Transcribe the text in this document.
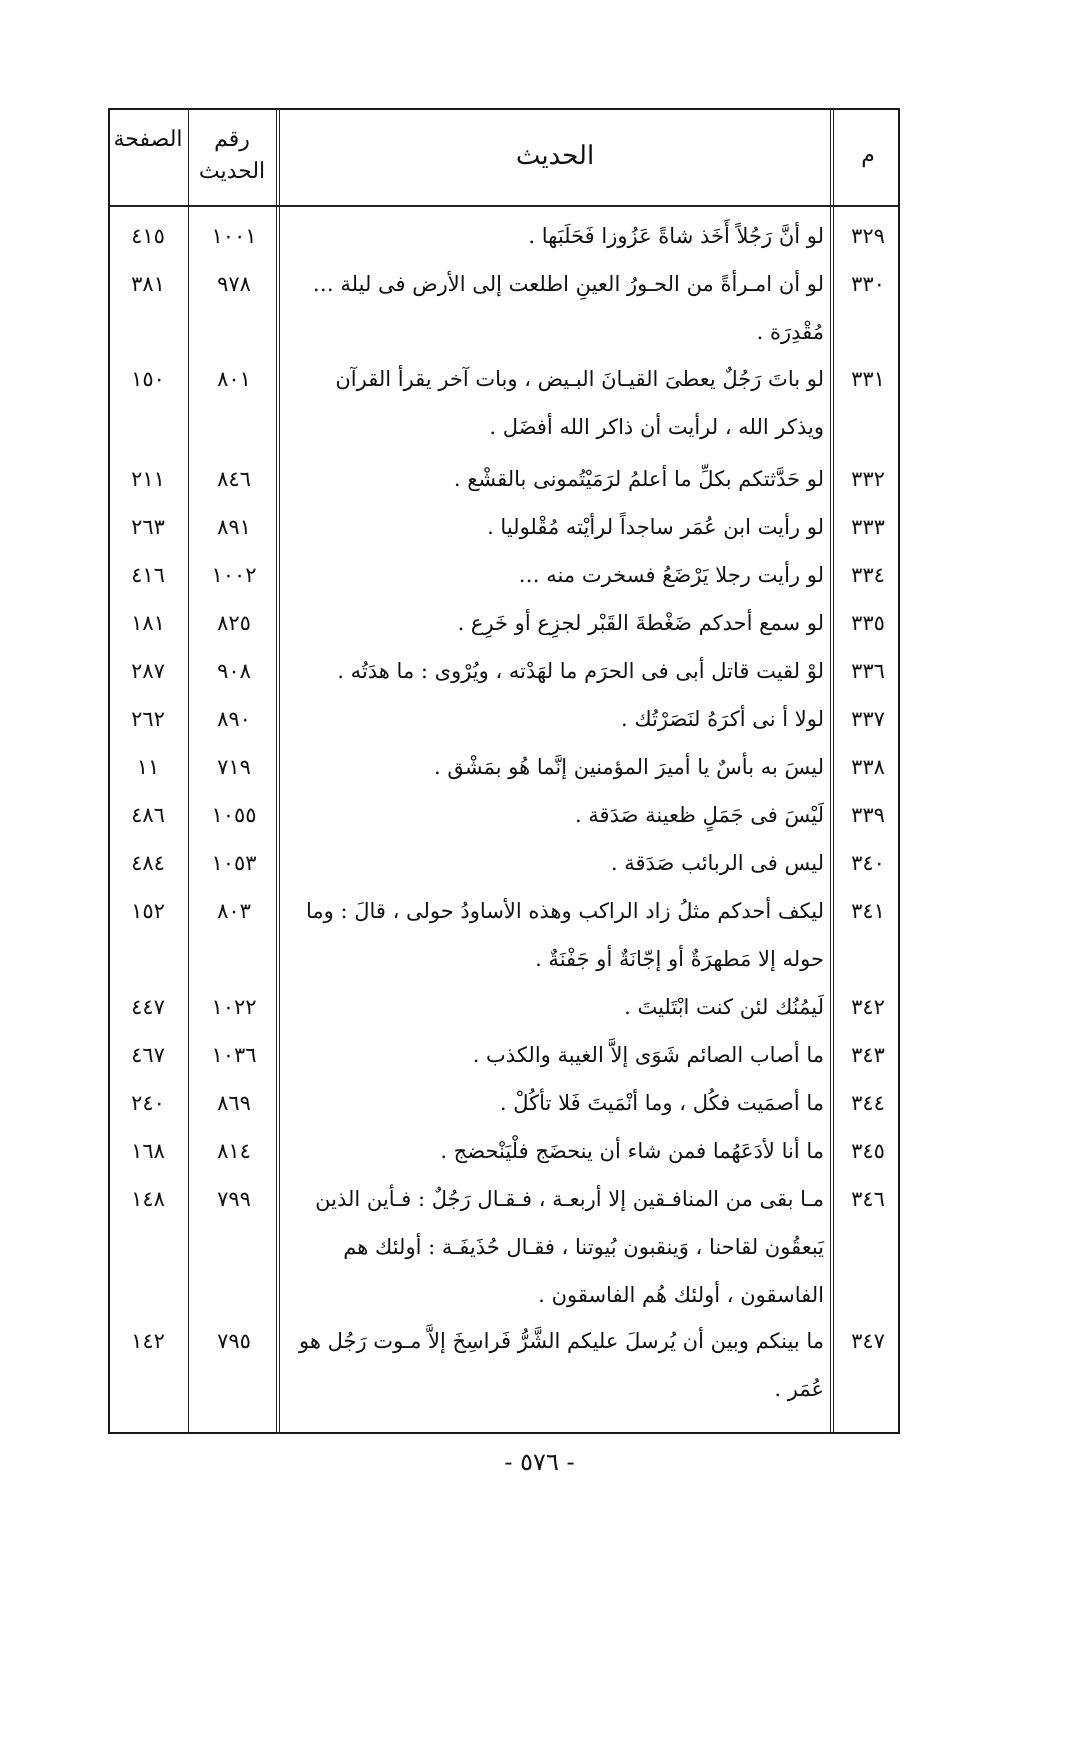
م
الحديث
رقم الحديث
الصفحة
٣٢٩
لو أنَّ رَجُلاً أَخَذ شاةً عَزُوزا فَحَلَبَها .
١٠٠١
٤١٥
٣٣٠
لو أن امـرأةً من الحـورُ العينِ اطلعت إلى الأرض فى ليلة … مُقْدِرَة .
٩٧٨
٣٨١
٣٣١
لو باتَ رَجُلٌ يعطىَ القيـانَ البـيض ، وبات آخر يقرأ القرآن ويذكر الله ، لرأيت أن ذاكر الله أفضَل .
٨٠١
١٥٠
٣٣٢
لو حَدَّثتكم بكلِّ ما أعلمُ لرَمَيْتُمونى بالقشْع .
٨٤٦
٢١١
٣٣٣
لو رأيت ابن عُمَر ساجداً لرأيْته مُقْلوليا .
٨٩١
٢٦٣
٣٣٤
لو رأيت رجلا يَرْضَعُ فسخرت منه …
١٠٠٢
٤١٦
٣٣٥
لو سمع أحدكم ضَغْطةَ القَبْر لجزِع أو خَرِع .
٨٢٥
١٨١
٣٣٦
لوْ لقيت قاتل أبى فى الحرَم ما لهَدْته ، ويُرْوى : ما هدَتُه .
٩٠٨
٢٨٧
٣٣٧
لولا أ نى أكرَهُ لنَصَرْتُك .
٨٩٠
٢٦٢
٣٣٨
ليسَ به بأسٌ يا أميرَ المؤمنين إنَّما هُو بمَشْق .
٧١٩
١١
٣٣٩
لَيْسَ فى جَمَلٍ ظعينة صَدَقة .
١٠٥٥
٤٨٦
٣٤٠
ليس فى الربائب صَدَقة .
١٠٥٣
٤٨٤
٣٤١
ليكف أحدكم مثلُ زاد الراكب وهذه الأساودُ حولى ، قالَ : وما حوله إلا مَطهرَةٌ أو إجّانَةٌ أو جَفْنَةٌ .
٨٠٣
١٥٢
٣٤٢
لَيمُنُك لئن كنت ابْتَليتَ .
١٠٢٢
٤٤٧
٣٤٣
ما أصاب الصائم شَوَى إلاَّ الغيبة والكذب .
١٠٣٦
٤٦٧
٣٤٤
ما أصمَيت فكُل ، وما أنْمَيتَ فَلا تأكُلْ .
٨٦٩
٢٤٠
٣٤٥
ما أنا لأدَعَهُما فمن شاء أن ينحضَج فلْيَنْحضج .
٨١٤
١٦٨
٣٤٦
مـا بقى من المنافـقين إلا أربعـة ، فـقـال رَجُلٌ : فـأين الذين يَبعقُون لقاحنا ، وَينقبون بُيوتنا ، فقـال حُذَيفَـة : أولئك هم الفاسقون ، أولئك هُم الفاسقون .
٧٩٩
١٤٨
٣٤٧
ما بينكم وبين أن يُرسلَ عليكم الشَّرُّ فَراسِخَ إلاَّ مـوت رَجُل هو عُمَر .
٧٩٥
١٤٢
- ٥٧٦ -
